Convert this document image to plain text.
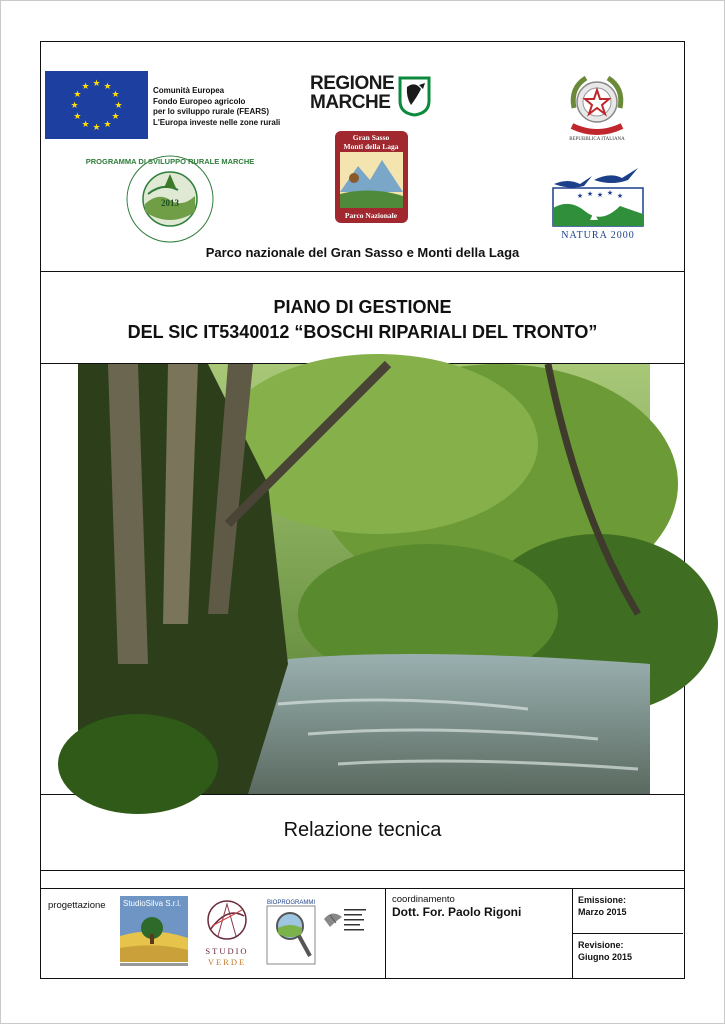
★ ★
★
★
★
★
★
★
★
★
★
★	Comunità Europea
Fondo Europeo agricolo
per lo sviluppo rurale (FEARS)
L'Europa investe nelle zone rurali
REGIONE
MARCHE
REPUBBLICA ITALIANA
2013
PROGRAMMA DI SVILUPPO RURALE MARCHE
Gran Sasso
Monti della Laga
Parco Nazionale
★ ★ ★ ★ ★
NATURA 2000
Parco nazionale del Gran Sasso e Monti della Laga
PIANO DI GESTIONE
DEL SIC IT5340012 “BOSCHI RIPARIALI DEL TRONTO”
Relazione tecnica
progettazione StudioSilva S.r.l.
STUDIO
VERDE
BIOPROGRAMMI	coordinamento
Dott. For. Paolo Rigoni
Emissione:
Marzo 2015
Revisione:
Giugno 2015
